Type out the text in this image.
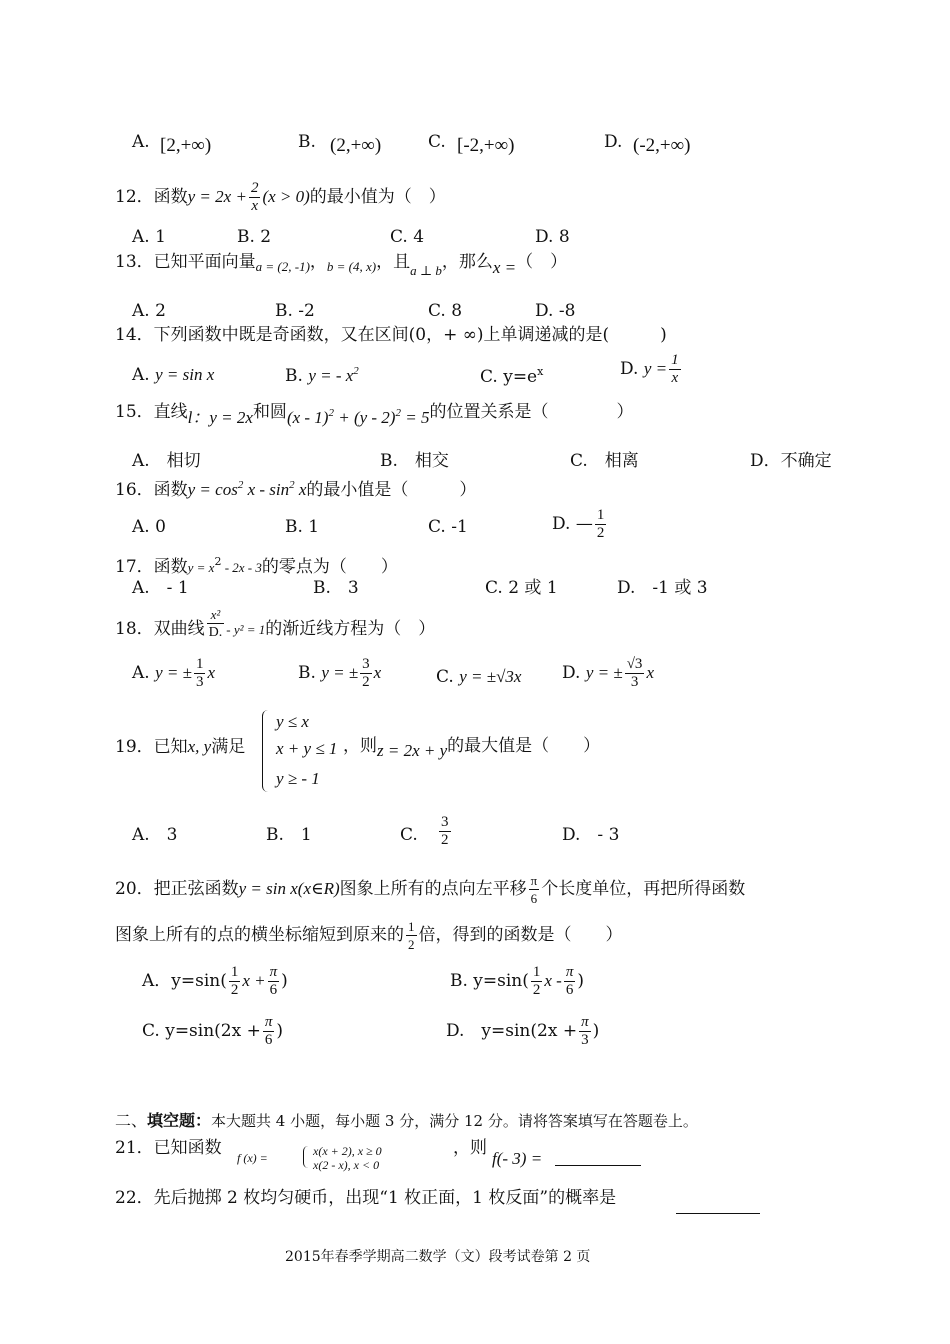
A. [2,+∞)	B. (2,+∞)	C. [-2,+∞)	D. (-2,+∞)
12．函数$y = 2x + \frac{2}{x} (x > 0)$的最小值为（　）
A. 1	B. 2	C. 4	D. 8
13．已知平面向量$_{a = (2, -1)}$，$_{b = (4, x)}$，且$_{a \perp b}$，那么x =（　）
A. 2	B. -2	C. 8	D. -8
14．下列函数中既是奇函数，又在区间(0，+ ∞)上单调递减的是(　　　)
A. y = sin x	B. y = - $x^2$	C. $y=e^x$	D. $y = \frac{1}{x}$
15．直线l：y = 2x和圆(x - 1)$^2$ + (y - 2)$^2$ = 5的位置关系是（　　　　）
A.　相切	B.　相交	C.　相离	D．不确定
16．函数$y = \cos^2 x - \sin^2 x$的最小值是（　　　）
A. 0	B. 1	C. -1	D. — $\frac{1}{2}$
17．函数$y = x^2 - 2x - 3$的零点为（　　）
A.　- 1	B.　3	C. 2 或 1	D.　-1 或 3
18．双曲线 $\frac{\text{x²}}{D.} - y^2 = 1$的渐近线方程为（　）
A. y = ± $\frac{1}{3}$ x	B. y = ± $\frac{3}{2}$ x	C. y = ±√3x D. y = ± $\frac{√3}{3}$ x
19．已知x, y满足
y ≤ x
x + y ≤ 1
y ≥ - 1
，则z = 2x + y的最大值是（　　）
A.　3	B.　1	C. $\frac{3}{2}$	D.　- 3
20．把正弦函数y = sin x(x∈R)图象上所有的点向左平移 $\frac{\pi}{6}$ 个长度单位，再把所得函数
图象上所有的点的横坐标缩短到原来的 $\frac{1}{2}$ 倍，得到的函数是（　　）
A．$y=\sin( \frac{1}{2}$ $x + \frac{\pi}{6}$ )	B. $y=\sin( \frac{1}{2}$ x - $\frac{\pi}{6}$ )
C. $y=\sin(2x + \frac{\pi}{6}$ )	D.　$y=\sin(2x + \frac{\pi}{3}$ )
二、填空题：本大题共 4 小题，每小题 3 分，满分 12 分。请将答案填写在答题卷上。
21．已知函数 f (x) =	x(x + 2), x ≥ 0
x(2 - x), x < 0
，则
f(- 3) =
22．先后抛掷 2 枚均匀硬币，出现“1 枚正面，1 枚反面”的概率是
2015年春季学期高二数学（文）段考试卷第 2 页
